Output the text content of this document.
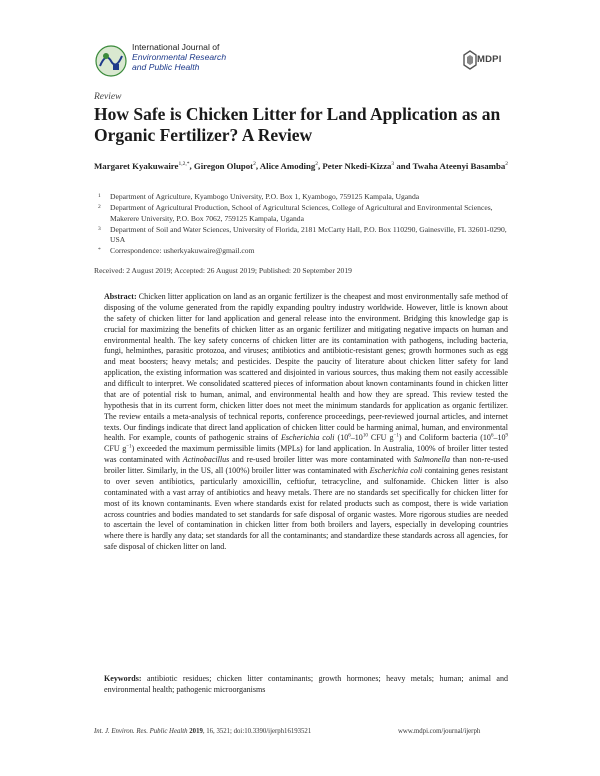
International Journal of
Environmental Research
and Public Health
MDPI
Review
How Safe is Chicken Litter for Land Application as an Organic Fertilizer? A Review
Margaret Kyakuwaire$^{1,2,*}$, Giregon Olupot$^2$, Alice Amoding$^2$, Peter Nkedi-Kizza$^3$ and Twaha Ateenyi Basamba$^2$
1 Department of Agriculture, Kyambogo University, P.O. Box 1, Kyambogo, 759125 Kampala, Uganda
2 Department of Agricultural Production, School of Agricultural Sciences, College of Agricultural and Environmental Sciences, Makerere University, P.O. Box 7062, 759125 Kampala, Uganda
3 Department of Soil and Water Sciences, University of Florida, 2181 McCarty Hall, P.O. Box 110290, Gainesville, FL 32601-0290, USA
* Correspondence: usherkyakuwaire@gmail.com
Received: 2 August 2019; Accepted: 26 August 2019; Published: 20 September 2019

Abstract: Chicken litter application on land as an organic fertilizer is the cheapest and most environmentally safe method of disposing of the volume generated from the rapidly expanding poultry industry worldwide. However, little is known about the safety of chicken litter for land application and general release into the environment. Bridging this knowledge gap is crucial for maximizing the benefits of chicken litter as an organic fertilizer and mitigating negative impacts on human and environmental health. The key safety concerns of chicken litter are its contamination with pathogens, including bacteria, fungi, helminthes, parasitic protozoa, and viruses; antibiotics and antibiotic-resistant genes; growth hormones such as egg and meat boosters; heavy metals; and pesticides. Despite the paucity of literature about chicken litter safety for land application, the existing information was scattered and disjointed in various sources, thus making them not easily accessible and difficult to interpret. We consolidated scattered pieces of information about known contaminants found in chicken litter that are of potential risk to human, animal, and environmental health and how they are spread. This review tested the hypothesis that in its current form, chicken litter does not meet the minimum standards for application as organic fertilizer. The review entails a meta-analysis of technical reports, conference proceedings, peer-reviewed journal articles, and internet texts. Our findings indicate that direct land application of chicken litter could be harming animal, human, and environmental health. For example, counts of pathogenic strains of Escherichia coli ($10^6-10^{10}$ CFU $g^{-1}$) and Coliform bacteria ($10^6-10^9$ CFU $g^{-1}$) exceeded the maximum permissible limits (MPLs) for land application. In Australia, 100% of broiler litter tested was contaminated with Actinobacillus and re-used broiler litter was more contaminated with Salmonella than non-re-used broiler litter. Similarly, in the US, all (100%) broiler litter was contaminated with Escherichia coli containing genes resistant to over seven antibiotics, particularly amoxicillin, ceftiofur, tetracycline, and sulfonamide. Chicken litter is also contaminated with a vast array of antibiotics and heavy metals. There are no standards set specifically for chicken litter for most of its known contaminants. Even where standards exist for related products such as compost, there is wide variation across countries and bodies mandated to set standards for safe disposal of organic wastes. More rigorous studies are needed to ascertain the level of contamination in chicken litter from both broilers and layers, especially in developing countries where there is hardly any data; set standards for all the contaminants; and standardize these standards across all agencies, for safe disposal of chicken litter on land.

Keywords: antibiotic residues; chicken litter contaminants; growth hormones; heavy metals; human; animal and environmental health; pathogenic microorganisms

Int. J. Environ. Res. Public Health 2019, 16, 3521; doi:10.3390/ijerph16193521	www.mdpi.com/journal/ijerph
